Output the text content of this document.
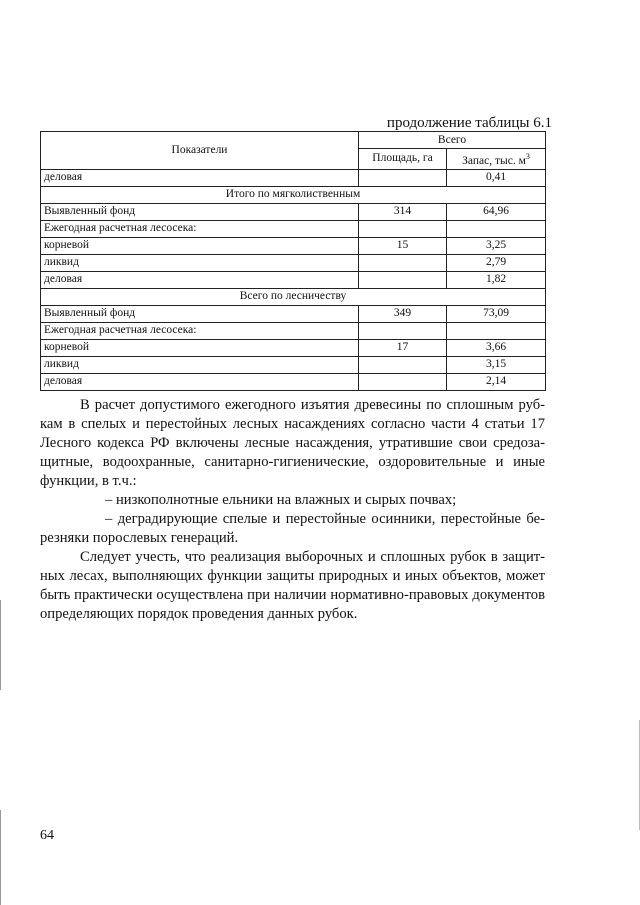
продолжение таблицы 6.1
Показатели	Всего	
	Площадь, га	Запас, тыс. $м^3$
деловая		0,41
Итого по мягколиственным		
Выявленный фонд	314	64,96
Ежегодная расчетная лесосека:		
корневой	15	3,25
ликвид		2,79
деловая		1,82
Всего по лесничеству		
Выявленный фонд	349	73,09
Ежегодная расчетная лесосека:		
корневой	17	3,66
ликвид		3,15
деловая		2,14

В расчет допустимого ежегодного изъятия древесины по сплошным руб-кам в спелых и перестойных лесных насаждениях согласно части 4 статьи 17 Лесного кодекса РФ включены лесные насаждения, утратившие свои средоза-щитные, водоохранные, санитарно-гигиенические, оздоровительные и иные функции, в т.ч.:

– низкополнотные ельники на влажных и сырых почвах;

– деградирующие спелые и перестойные осинники, перестойные бе-резняки порослевых генераций.

Следует учесть, что реализация выборочных и сплошных рубок в защит-ных лесах, выполняющих функции защиты природных и иных объектов, может быть практически осуществлена при наличии нормативно-правовых документов определяющих порядок проведения данных рубок.

64
